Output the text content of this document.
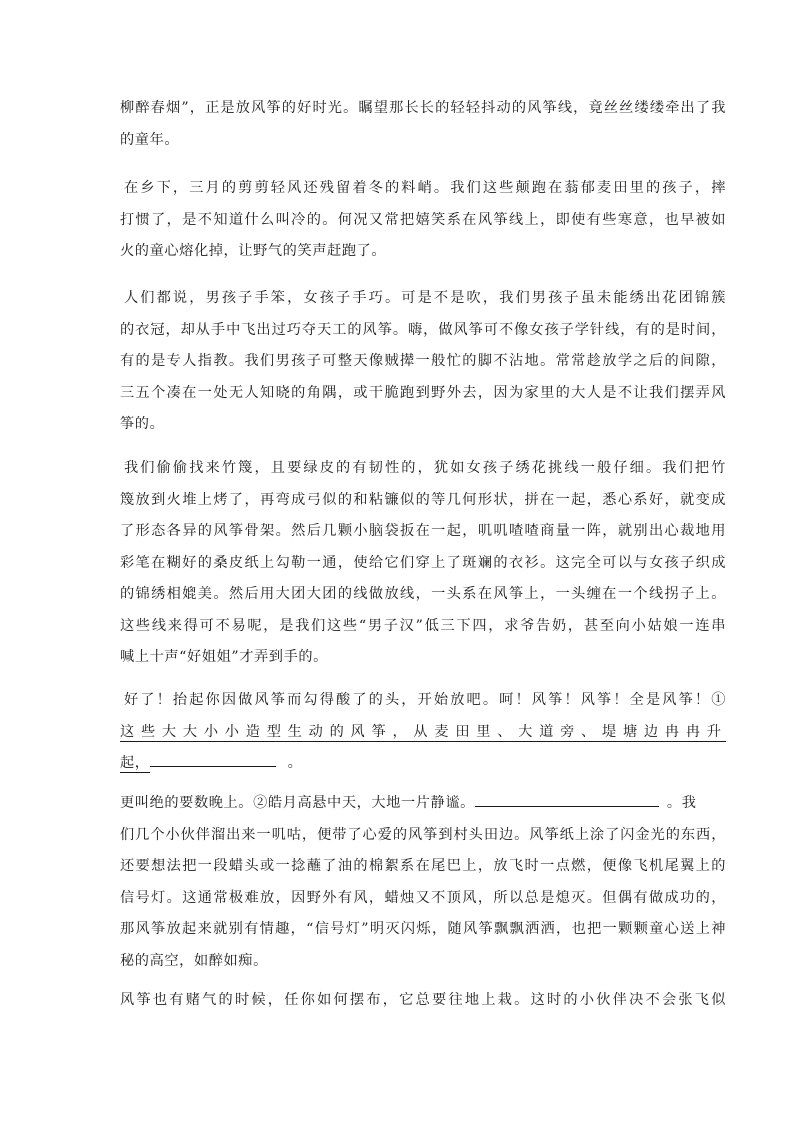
柳醉春烟”，正是放风筝的好时光。瞩望那长长的轻轻抖动的风筝线，竟丝丝缕缕牵出了我
的童年。
在乡下，三月的剪剪轻风还残留着冬的料峭。我们这些颠跑在蓊郁麦田里的孩子，摔
打惯了，是不知道什么叫冷的。何况又常把嬉笑系在风筝线上，即使有些寒意，也早被如
火的童心熔化掉，让野气的笑声赶跑了。
人们都说，男孩子手笨，女孩子手巧。可是不是吹，我们男孩子虽未能绣出花团锦簇
的衣冠，却从手中飞出过巧夺天工的风筝。嗨，做风筝可不像女孩子学针线，有的是时间，
有的是专人指教。我们男孩子可整天像贼撵一般忙的脚不沾地。常常趁放学之后的间隙，
三五个凑在一处无人知晓的角隅，或干脆跑到野外去，因为家里的大人是不让我们摆弄风
筝的。
我们偷偷找来竹篾，且要绿皮的有韧性的，犹如女孩子绣花挑线一般仔细。我们把竹
篾放到火堆上烤了，再弯成弓似的和粘镰似的等几何形状，拼在一起，悉心系好，就变成
了形态各异的风筝骨架。然后几颗小脑袋扳在一起，叽叽喳喳商量一阵，就别出心裁地用
彩笔在糊好的桑皮纸上勾勒一通，使给它们穿上了斑斓的衣衫。这完全可以与女孩子织成
的锦绣相媲美。然后用大团大团的线做放线，一头系在风筝上，一头缠在一个线拐子上。
这些线来得可不易呢，是我们这些“男子汉”低三下四，求爷告奶，甚至向小姑娘一连串
喊上十声“好姐姐”才弄到手的。
好了！抬起你因做风筝而勾得酸了的头，开始放吧。呵！风筝！风筝！全是风筝！①
这些大大小小造型生动的风筝，从麦田里、大道旁、堤塘边冉冉升
起，	。
更叫绝的要数晚上。②皓月高悬中天，大地一片静谧。	。我
们几个小伙伴溜出来一叽咕，便带了心爱的风筝到村头田边。风筝纸上涂了闪金光的东西，
还要想法把一段蜡头或一捻蘸了油的棉絮系在尾巴上，放飞时一点燃，便像飞机尾翼上的
信号灯。这通常极难放，因野外有风，蜡烛又不顶风，所以总是熄灭。但偶有做成功的，
那风筝放起来就别有情趣，“信号灯”明灭闪烁，随风筝飘飘洒洒，也把一颗颗童心送上神
秘的高空，如醉如痴。
风筝也有赌气的时候，任你如何摆布，它总要往地上栽。这时的小伙伴决不会张飞似
